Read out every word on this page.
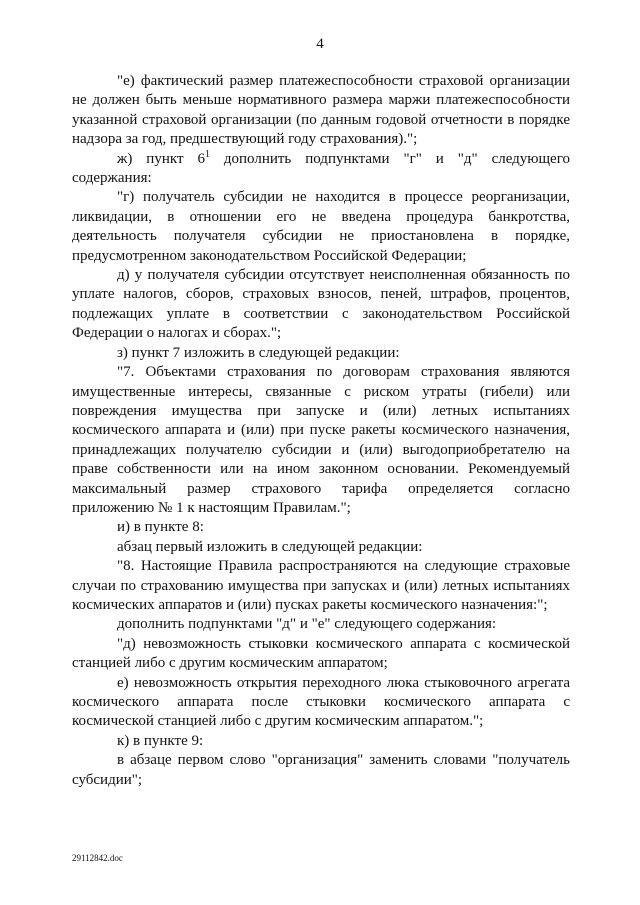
4

"е) фактический размер платежеспособности страховой организации не должен быть меньше нормативного размера маржи платежеспособности указанной страховой организации (по данным годовой отчетности в порядке надзора за год, предшествующий году страхования).";

ж) пункт $6^1$ дополнить подпунктами "г" и "д" следующего содержания:

"г) получатель субсидии не находится в процессе реорганизации, ликвидации, в отношении его не введена процедура банкротства, деятельность получателя субсидии не приостановлена в порядке, предусмотренном законодательством Российской Федерации;

д) у получателя субсидии отсутствует неисполненная обязанность по уплате налогов, сборов, страховых взносов, пеней, штрафов, процентов, подлежащих уплате в соответствии с законодательством Российской Федерации о налогах и сборах.";

з) пункт 7 изложить в следующей редакции:

"7. Объектами страхования по договорам страхования являются имущественные интересы, связанные с риском утраты (гибели) или повреждения имущества при запуске и (или) летных испытаниях космического аппарата и (или) при пуске ракеты космического назначения, принадлежащих получателю субсидии и (или) выгодоприобретателю на праве собственности или на ином законном основании. Рекомендуемый максимальный размер страхового тарифа определяется согласно приложению № 1 к настоящим Правилам.";

и) в пункте 8:

абзац первый изложить в следующей редакции:

"8. Настоящие Правила распространяются на следующие страховые случаи по страхованию имущества при запусках и (или) летных испытаниях космических аппаратов и (или) пусках ракеты космического назначения:";

дополнить подпунктами "д" и "е" следующего содержания:

"д) невозможность стыковки космического аппарата с космической станцией либо с другим космическим аппаратом;

е) невозможность открытия переходного люка стыковочного агрегата космического аппарата после стыковки космического аппарата с космической станцией либо с другим космическим аппаратом.";

к) в пункте 9:

в абзаце первом слово "организация" заменить словами "получатель субсидии";

29112842.doc
